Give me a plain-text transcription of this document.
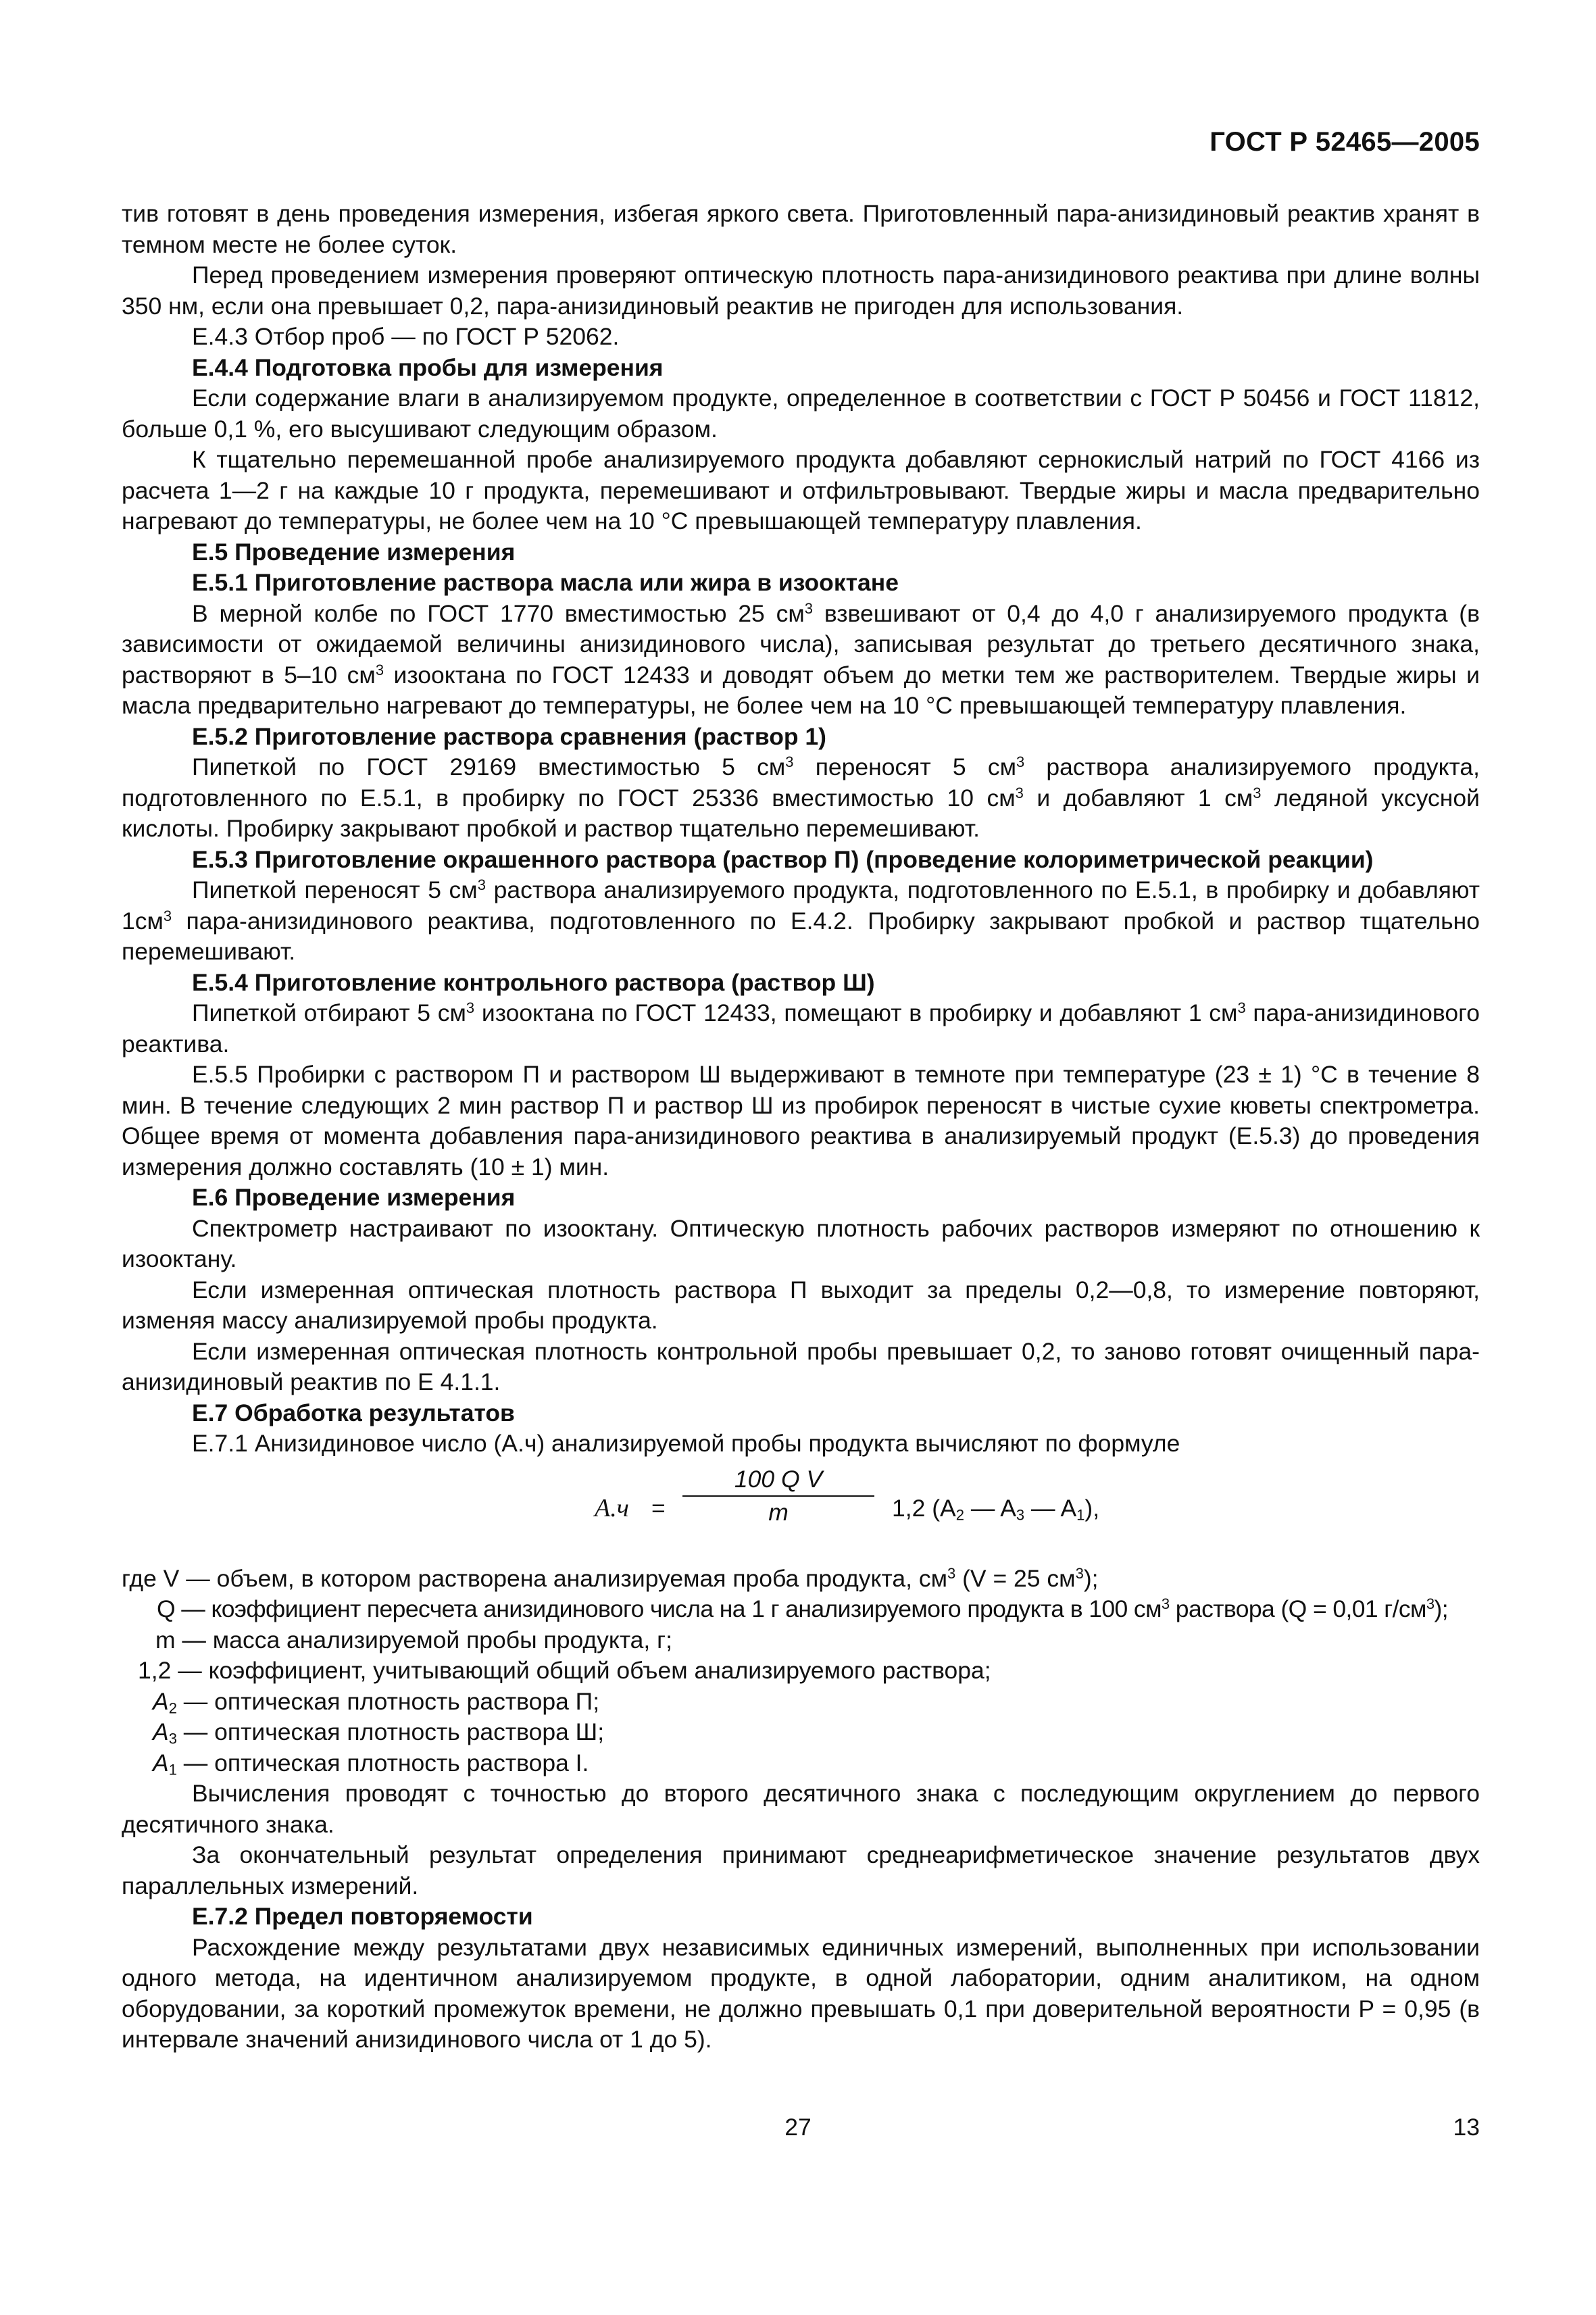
ГОСТ Р 52465—2005

тив готовят в день проведения измерения, избегая яркого света. Приготовленный пара-анизидиновый реактив хранят в темном месте не более суток.

Перед проведением измерения проверяют оптическую плотность пара-анизидинового реактива при длине волны 350 нм, если она превышает 0,2, пара-анизидиновый реактив не пригоден для использования.

Е.4.3 Отбор проб — по ГОСТ Р 52062.

Е.4.4 Подготовка пробы для измерения

Если содержание влаги в анализируемом продукте, определенное в соответствии с ГОСТ Р 50456 и ГОСТ 11812, больше 0,1 %, его высушивают следующим образом.

К тщательно перемешанной пробе анализируемого продукта добавляют сернокислый натрий по ГОСТ 4166 из расчета 1—2 г на каждые 10 г продукта, перемешивают и отфильтровывают. Твердые жиры и масла предварительно нагревают до температуры, не более чем на 10 °С превышающей температуру плавления.

Е.5 Проведение измерения

Е.5.1 Приготовление раствора масла или жира в изооктане

В мерной колбе по ГОСТ 1770 вместимостью 25 $см^3$ взвешивают от 0,4 до 4,0 г анализируемого продукта (в зависимости от ожидаемой величины анизидинового числа), записывая результат до третьего десятичного знака, растворяют в 5–10 $см^3$ изооктана по ГОСТ 12433 и доводят объем до метки тем же растворителем. Твердые жиры и масла предварительно нагревают до температуры, не более чем на 10 °С превышающей температуру плавления.

Е.5.2 Приготовление раствора сравнения (раствор 1)

Пипеткой по ГОСТ 29169 вместимостью 5 $см^3$ переносят 5 $см^3$ раствора анализируемого продукта, подготовленного по Е.5.1, в пробирку по ГОСТ 25336 вместимостью 10 $см^3$ и добавляют 1 $см^3$ ледяной уксусной кислоты. Пробирку закрывают пробкой и раствор тщательно перемешивают.

Е.5.3 Приготовление окрашенного раствора (раствор П) (проведение колориметрической реакции)

Пипеткой переносят 5 $см^3$ раствора анализируемого продукта, подготовленного по Е.5.1, в пробирку и добавляют $1см^3$ пара-анизидинового реактива, подготовленного по Е.4.2. Пробирку закрывают пробкой и раствор тщательно перемешивают.

Е.5.4 Приготовление контрольного раствора (раствор Ш)

Пипеткой отбирают 5 $см^3$ изооктана по ГОСТ 12433, помещают в пробирку и добавляют 1 $см^3$ пара-анизидинового реактива.

Е.5.5 Пробирки с раствором П и раствором Ш выдерживают в темноте при температуре (23 ± 1) °С в течение 8 мин. В течение следующих 2 мин раствор П и раствор Ш из пробирок переносят в чистые сухие кюветы спектрометра. Общее время от момента добавления пара-анизидинового реактива в анализируемый продукт (Е.5.3) до проведения измерения должно составлять (10 ± 1) мин.

Е.6 Проведение измерения

Спектрометр настраивают по изооктану. Оптическую плотность рабочих растворов измеряют по отношению к изооктану.

Если измеренная оптическая плотность раствора П выходит за пределы 0,2—0,8, то измерение повторяют, изменяя массу анализируемой пробы продукта.

Если измеренная оптическая плотность контрольной пробы превышает 0,2, то заново готовят очищенный пара-анизидиновый реактив по Е 4.1.1.

Е.7 Обработка результатов

Е.7.1 Анизидиновое число (А.ч) анализируемой пробы продукта вычисляют по формуле

А.ч =
100 Q V
m	1,2 ($A_2$ — $A_3$ — $A_1$),

где V — объем, в котором растворена анализируемая проба продукта, $см^3$ (V = 25 $см^3$);

Q — коэффициент пересчета анизидинового числа на 1 г анализируемого продукта в 100 $см^3$ раствора (Q = 0,01 $г/см^3$);

m — масса анализируемой пробы продукта, г;

1,2 — коэффициент, учитывающий общий объем анализируемого раствора;

$A_2$ — оптическая плотность раствора П;

$A_3$ — оптическая плотность раствора Ш;

$A_1$ — оптическая плотность раствора I.

Вычисления проводят с точностью до второго десятичного знака с последующим округлением до первого десятичного знака.

За окончательный результат определения принимают среднеарифметическое значение результатов двух параллельных измерений.

Е.7.2 Предел повторяемости

Расхождение между результатами двух независимых единичных измерений, выполненных при использовании одного метода, на идентичном анализируемом продукте, в одной лаборатории, одним аналитиком, на одном оборудовании, за короткий промежуток времени, не должно превышать 0,1 при доверительной вероятности P = 0,95 (в интервале значений анизидинового числа от 1 до 5).

27	13
